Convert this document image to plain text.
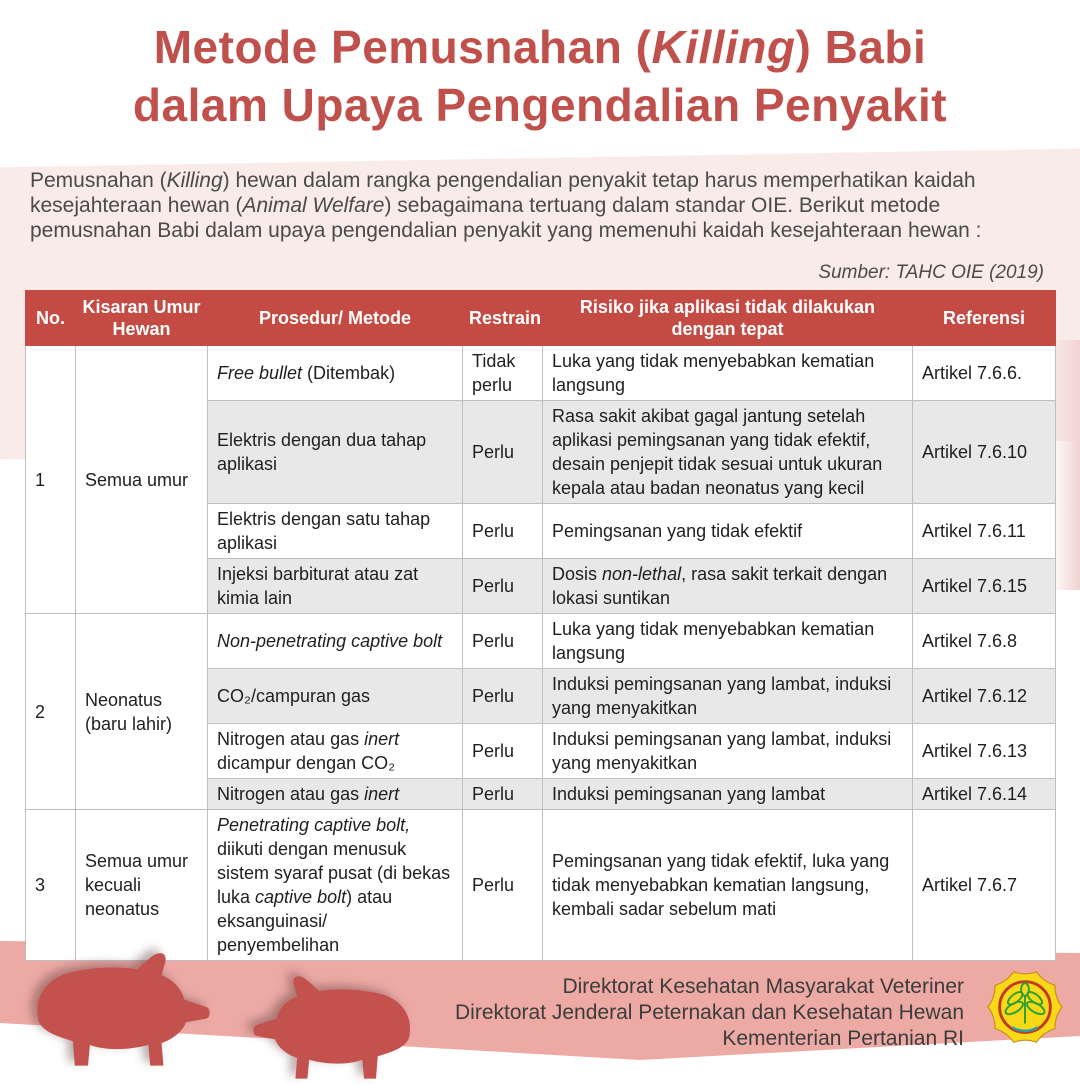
Metode Pemusnahan (Killing) Babi
dalam Upaya Pengendalian Penyakit
Pemusnahan (Killing) hewan dalam rangka pengendalian penyakit tetap harus memperhatikan kaidah kesejahteraan hewan (Animal Welfare) sebagaimana tertuang dalam standar OIE. Berikut metode pemusnahan Babi dalam upaya pengendalian penyakit yang memenuhi kaidah kesejahteraan hewan :
Sumber: TAHC OIE (2019)
No.	Kisaran Umur Hewan	Prosedur/ Metode	Restrain	Risiko jika aplikasi tidak dilakukan dengan tepat	Referensi
1	Semua umur	Free bullet (Ditembak)	Tidak perlu	Luka yang tidak menyebabkan kematian langsung	Artikel 7.6.6.
		Elektris dengan dua tahap aplikasi	Perlu	Rasa sakit akibat gagal jantung setelah aplikasi pemingsanan yang tidak efektif, desain penjepit tidak sesuai untuk ukuran kepala atau badan neonatus yang kecil	Artikel 7.6.10
		Elektris dengan satu tahap aplikasi	Perlu	Pemingsanan yang tidak efektif	Artikel 7.6.11
		Injeksi barbiturat atau zat kimia lain	Perlu	Dosis non-lethal, rasa sakit terkait dengan lokasi suntikan	Artikel 7.6.15
2	Neonatus (baru lahir)	Non-penetrating captive bolt	Perlu	Luka yang tidak menyebabkan kematian langsung	Artikel 7.6.8
		CO₂/campuran gas	Perlu	Induksi pemingsanan yang lambat, induksi yang menyakitkan	Artikel 7.6.12
		Nitrogen atau gas inert dicampur dengan CO₂	Perlu	Induksi pemingsanan yang lambat, induksi yang menyakitkan	Artikel 7.6.13
		Nitrogen atau gas inert	Perlu	Induksi pemingsanan yang lambat	Artikel 7.6.14
3	Semua umur kecuali neonatus	Penetrating captive bolt, diikuti dengan menusuk sistem syaraf pusat (di bekas luka captive bolt) atau eksanguinasi/ penyembelihan	Perlu	Pemingsanan yang tidak efektif, luka yang tidak menyebabkan kematian langsung, kembali sadar sebelum mati	Artikel 7.6.7
Direktorat Kesehatan Masyarakat Veteriner
Direktorat Jenderal Peternakan dan Kesehatan Hewan
Kementerian Pertanian RI
